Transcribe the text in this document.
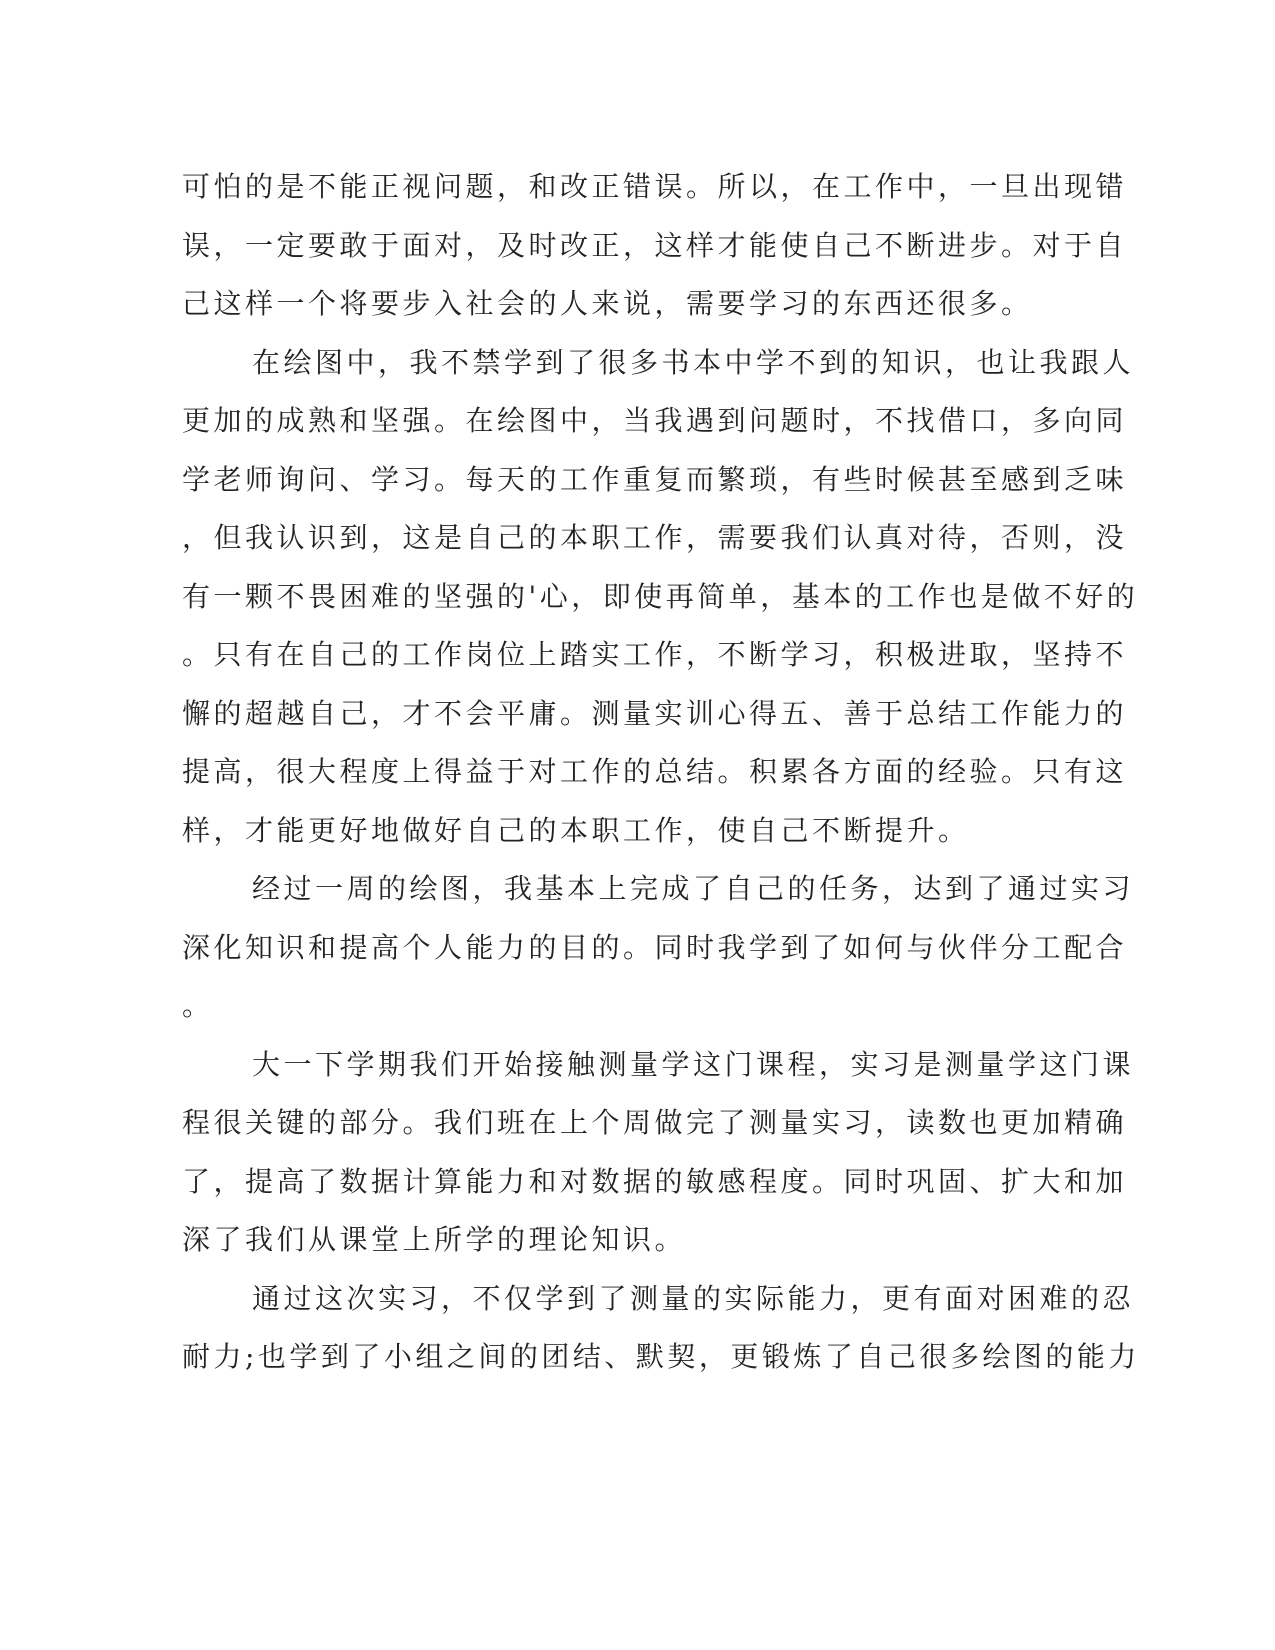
可怕的是不能正视问题，和改正错误。所以，在工作中，一旦出现错
误，一定要敢于面对，及时改正，这样才能使自己不断进步。对于自
己这样一个将要步入社会的人来说，需要学习的东西还很多。
在绘图中，我不禁学到了很多书本中学不到的知识，也让我跟人
更加的成熟和坚强。在绘图中，当我遇到问题时，不找借口，多向同
学老师询问、学习。每天的工作重复而繁琐，有些时候甚至感到乏味
，但我认识到，这是自己的本职工作，需要我们认真对待，否则，没
有一颗不畏困难的坚强的'心，即使再简单，基本的工作也是做不好的
。只有在自己的工作岗位上踏实工作，不断学习，积极进取，坚持不
懈的超越自己，才不会平庸。测量实训心得五、善于总结工作能力的
提高，很大程度上得益于对工作的总结。积累各方面的经验。只有这
样，才能更好地做好自己的本职工作，使自己不断提升。
经过一周的绘图，我基本上完成了自己的任务，达到了通过实习
深化知识和提高个人能力的目的。同时我学到了如何与伙伴分工配合
。
大一下学期我们开始接触测量学这门课程，实习是测量学这门课
程很关键的部分。我们班在上个周做完了测量实习，读数也更加精确
了，提高了数据计算能力和对数据的敏感程度。同时巩固、扩大和加
深了我们从课堂上所学的理论知识。
通过这次实习，不仅学到了测量的实际能力，更有面对困难的忍
耐力;也学到了小组之间的团结、默契，更锻炼了自己很多绘图的能力
